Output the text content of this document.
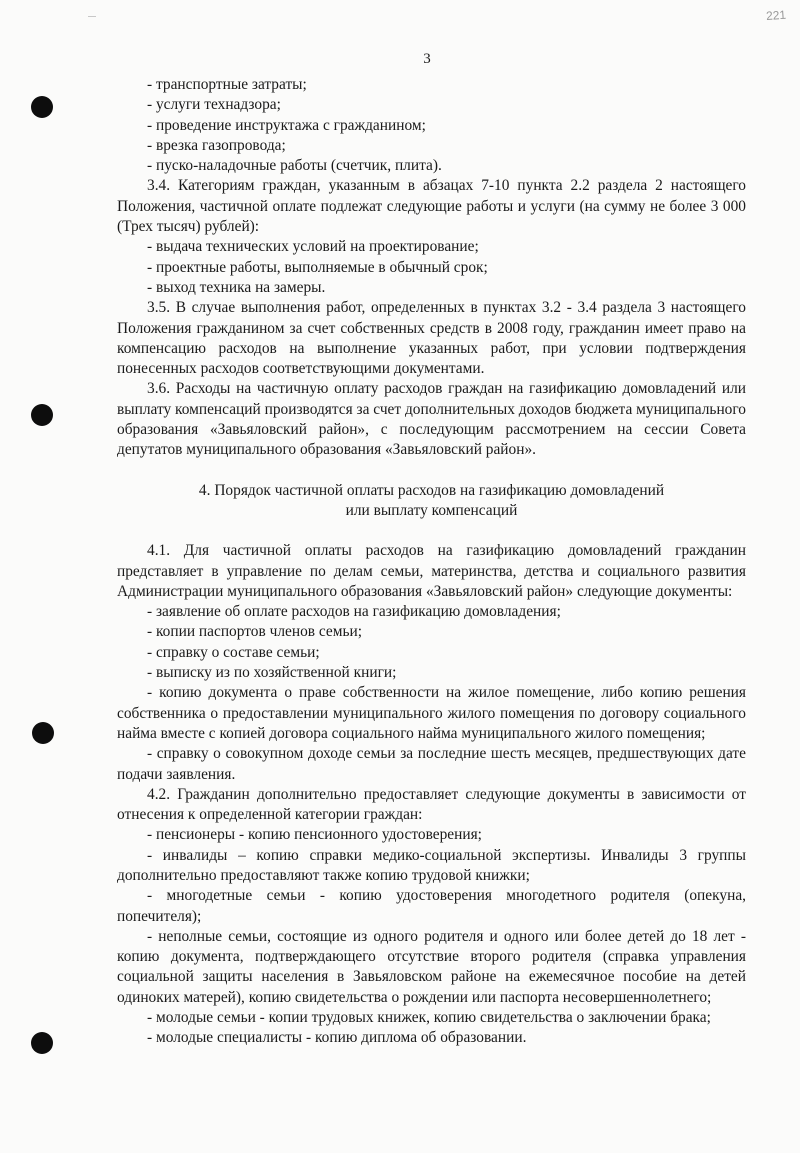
221
3

- транспортные затраты;

- услуги технадзора;

- проведение инструктажа с гражданином;

- врезка газопровода;

- пуско-наладочные работы (счетчик, плита).

3.4. Категориям граждан, указанным в абзацах 7-10 пункта 2.2 раздела 2 настоящего Положения, частичной оплате подлежат следующие работы и услуги (на сумму не более 3 000 (Трех тысяч) рублей):

- выдача технических условий на проектирование;

- проектные работы, выполняемые в обычный срок;

- выход техника на замеры.

3.5. В случае выполнения работ, определенных в пунктах 3.2 - 3.4 раздела 3 настоящего Положения гражданином за счет собственных средств в 2008 году, гражданин имеет право на компенсацию расходов на выполнение указанных работ, при условии подтверждения понесенных расходов соответствующими документами.

3.6. Расходы на частичную оплату расходов граждан на газификацию домовладений или выплату компенсаций производятся за счет дополнительных доходов бюджета муниципального образования «Завьяловский район», с последующим рассмотрением на сессии Совета депутатов муниципального образования «Завьяловский район».

4. Порядок частичной оплаты расходов на газификацию домовладений
или выплату компенсаций

4.1. Для частичной оплаты расходов на газификацию домовладений гражданин представляет в управление по делам семьи, материнства, детства и социального развития Администрации муниципального образования «Завьяловский район» следующие документы:

- заявление об оплате расходов на газификацию домовладения;

- копии паспортов членов семьи;

- справку о составе семьи;

- выписку из по хозяйственной книги;

- копию документа о праве собственности на жилое помещение, либо копию решения собственника о предоставлении муниципального жилого помещения по договору социального найма вместе с копией договора социального найма муниципального жилого помещения;

- справку о совокупном доходе семьи за последние шесть месяцев, предшествующих дате подачи заявления.

4.2. Гражданин дополнительно предоставляет следующие документы в зависимости от отнесения к определенной категории граждан:

- пенсионеры - копию пенсионного удостоверения;

- инвалиды – копию справки медико-социальной экспертизы. Инвалиды 3 группы дополнительно предоставляют также копию трудовой книжки;

- многодетные семьи - копию удостоверения многодетного родителя (опекуна, попечителя);

- неполные семьи, состоящие из одного родителя и одного или более детей до 18 лет - копию документа, подтверждающего отсутствие второго родителя (справка управления социальной защиты населения в Завьяловском районе на ежемесячное пособие на детей одиноких матерей), копию свидетельства о рождении или паспорта несовершеннолетнего;

- молодые семьи - копии трудовых книжек, копию свидетельства о заключении брака;

- молодые специалисты - копию диплома об образовании.
